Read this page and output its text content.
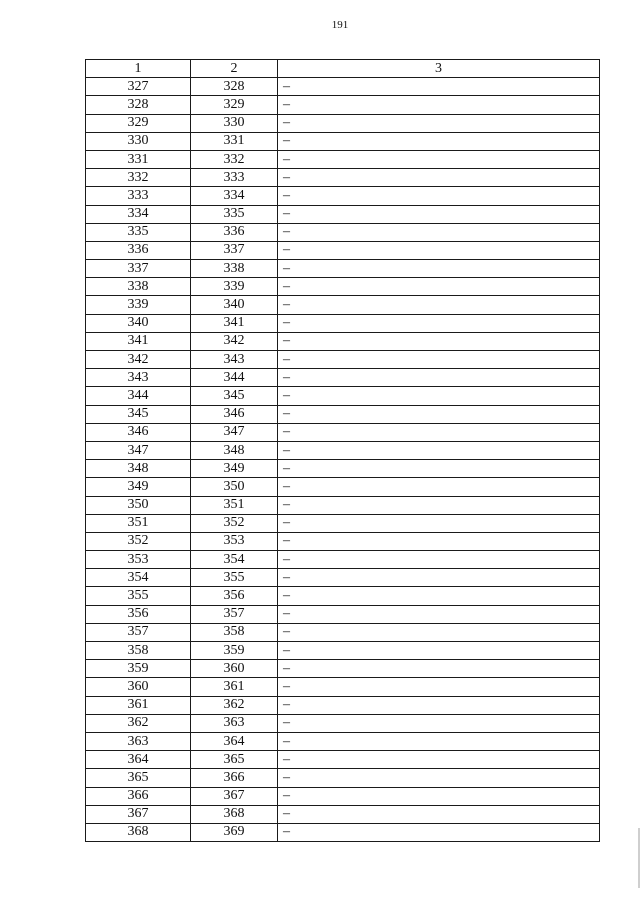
191
1	2	3
327	328	–
328	329	–
329	330	–
330	331	–
331	332	–
332	333	–
333	334	–
334	335	–
335	336	–
336	337	–
337	338	–
338	339	–
339	340	–
340	341	–
341	342	–
342	343	–
343	344	–
344	345	–
345	346	–
346	347	–
347	348	–
348	349	–
349	350	–
350	351	–
351	352	–
352	353	–
353	354	–
354	355	–
355	356	–
356	357	–
357	358	–
358	359	–
359	360	–
360	361	–
361	362	–
362	363	–
363	364	–
364	365	–
365	366	–
366	367	–
367	368	–
368	369	–
